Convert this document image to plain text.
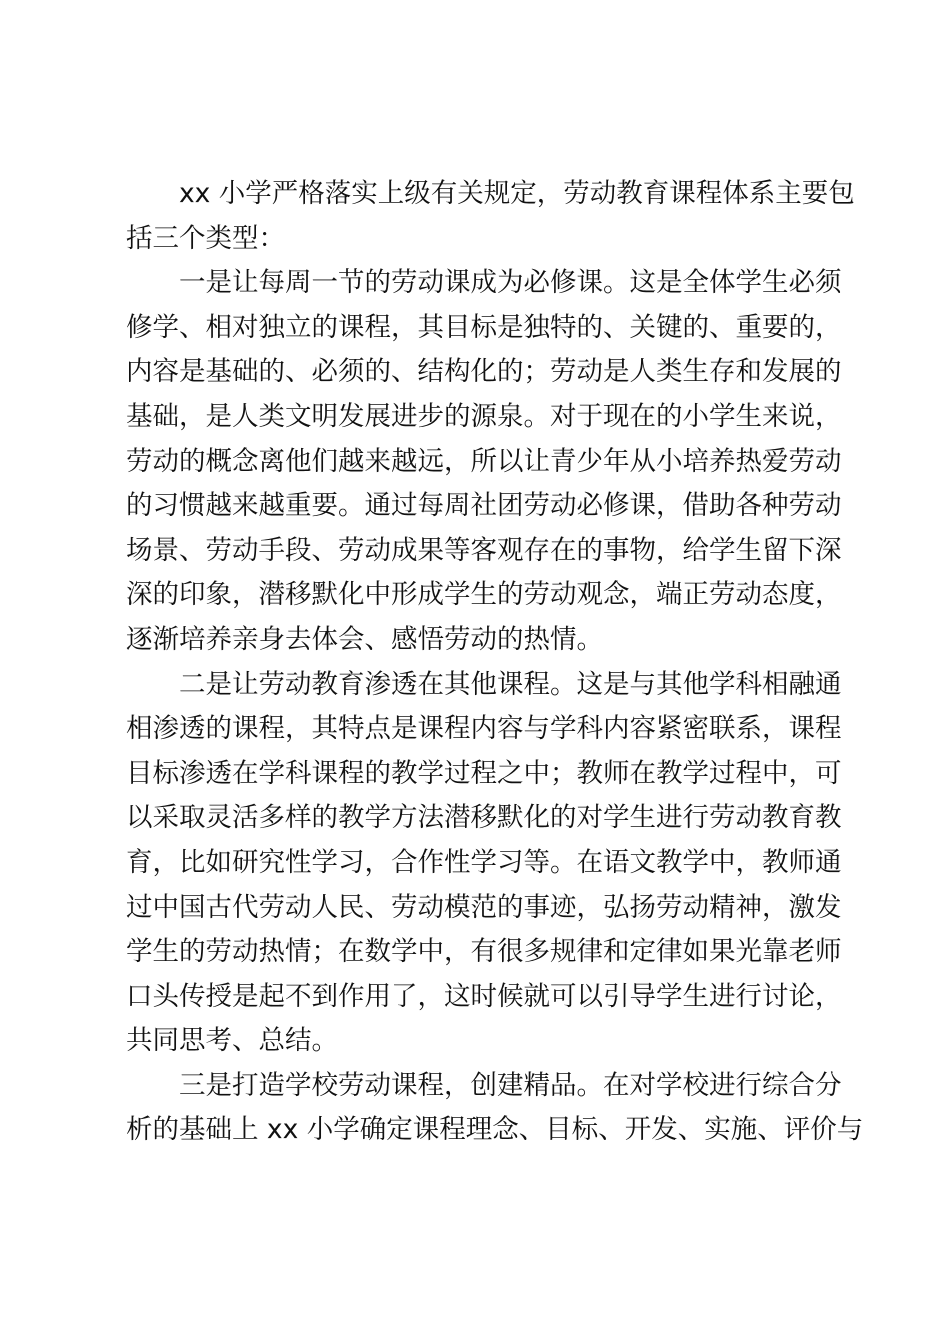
xx 小学严格落实上级有关规定，劳动教育课程体系主要包
括三个类型：
一是让每周一节的劳动课成为必修课。这是全体学生必须
修学、相对独立的课程，其目标是独特的、关键的、重要的，
内容是基础的、必须的、结构化的；劳动是人类生存和发展的
基础，是人类文明发展进步的源泉。对于现在的小学生来说，
劳动的概念离他们越来越远，所以让青少年从小培养热爱劳动
的习惯越来越重要。通过每周社团劳动必修课，借助各种劳动
场景、劳动手段、劳动成果等客观存在的事物，给学生留下深
深的印象，潜移默化中形成学生的劳动观念，端正劳动态度，
逐渐培养亲身去体会、感悟劳动的热情。
二是让劳动教育渗透在其他课程。这是与其他学科相融通
相渗透的课程，其特点是课程内容与学科内容紧密联系，课程
目标渗透在学科课程的教学过程之中；教师在教学过程中，可
以采取灵活多样的教学方法潜移默化的对学生进行劳动教育教
育，比如研究性学习，合作性学习等。在语文教学中，教师通
过中国古代劳动人民、劳动模范的事迹，弘扬劳动精神，激发
学生的劳动热情；在数学中，有很多规律和定律如果光靠老师
口头传授是起不到作用了，这时候就可以引导学生进行讨论，
共同思考、总结。
三是打造学校劳动课程，创建精品。在对学校进行综合分
析的基础上 xx 小学确定课程理念、目标、开发、实施、评价与
